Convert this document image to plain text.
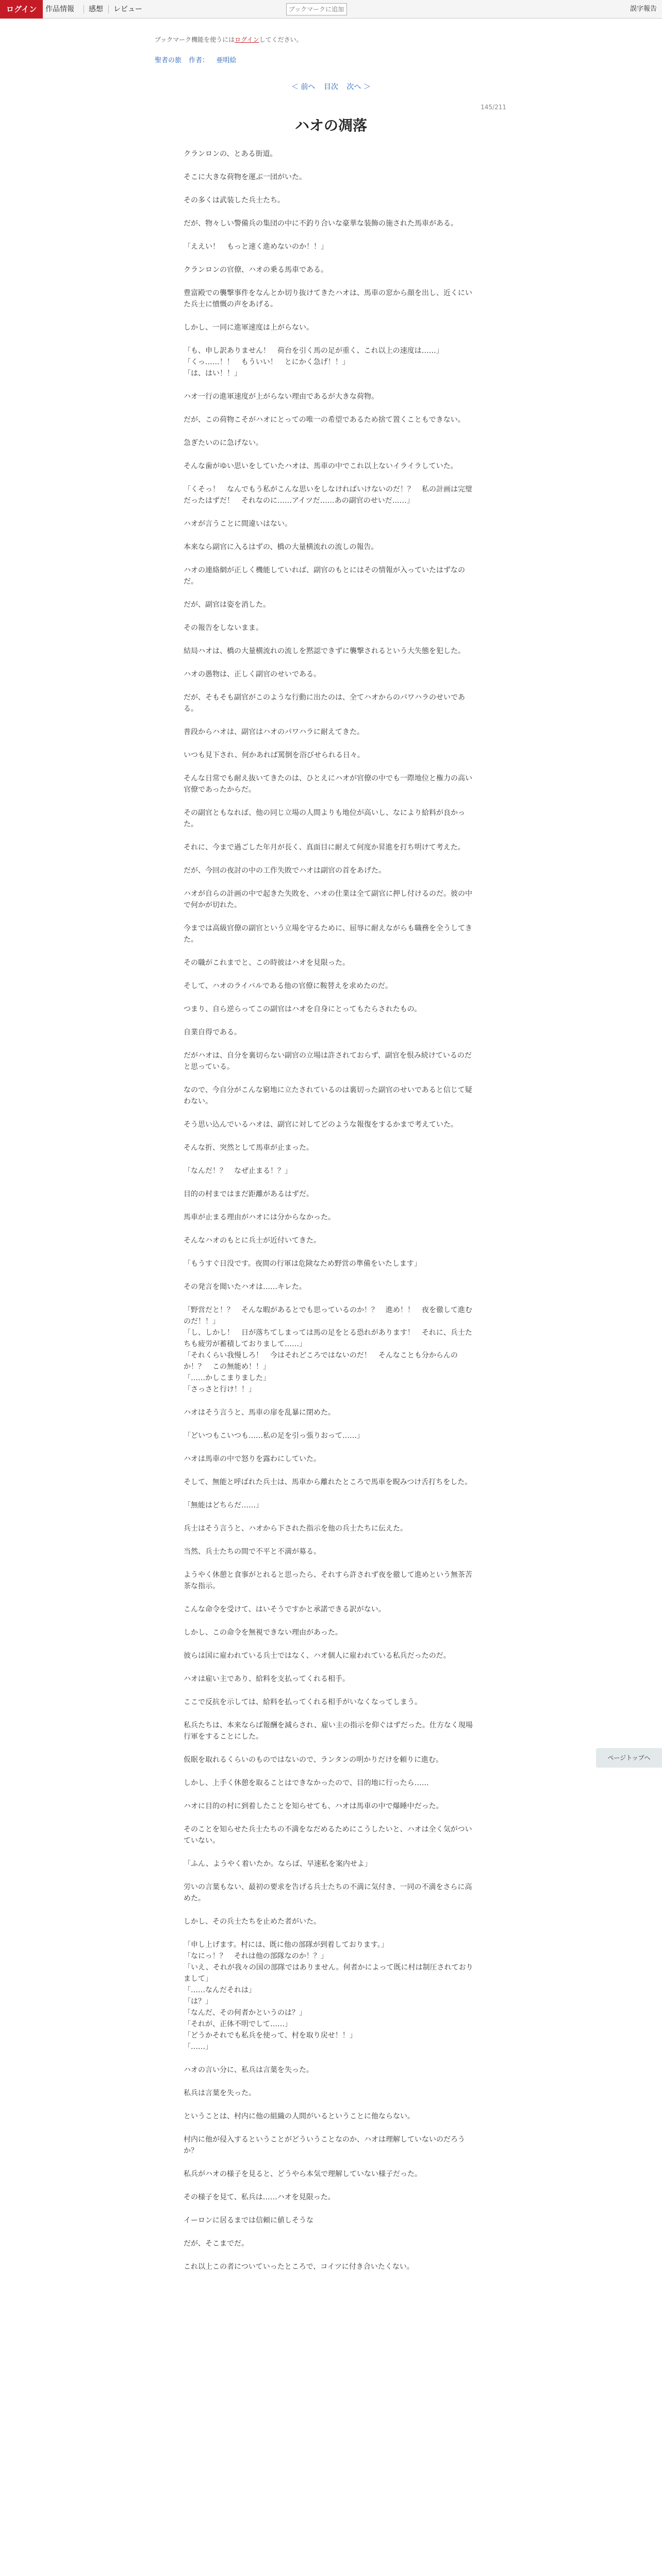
ログイン	作品情報 感想 レビュー
ブックマークに追加	誤字報告
ブックマーク機能を使うにはログインしてください。
聖者の旅 作者： 亜明絵
＜ 前へ 目次 次へ ＞
145/211
ハオの凋落

クランロンの、とある街道。

そこに大きな荷物を運ぶ一団がいた。

その多くは武装した兵士たち。

だが、物々しい警備兵の集団の中に不釣り合いな豪華な装飾の施された馬車がある。

「ええい！　もっと速く進めないのか！！」

クランロンの官僚、ハオの乗る馬車である。

豊富殿での襲撃事件をなんとか切り抜けてきたハオは、馬車の窓から顔を出し、近くにいた兵士に憤慨の声をあげる。

しかし、一同に進軍速度は上がらない。

「も、申し訳ありません！　荷台を引く馬の足が重く、これ以上の速度は……」
「くっ……！！　もういい！　とにかく急げ！！」
「は、はい！！」

ハオ一行の進軍速度が上がらない理由であるが大きな荷物。

だが、この荷物こそがハオにとっての唯一の希望であるため捨て置くこともできない。

急ぎたいのに急げない。

そんな歯がゆい思いをしていたハオは、馬車の中でこれ以上ないイライラしていた。

「くそっ！　なんでもう私がこんな思いをしなければいけないのだ！？　私の計画は完璧だったはずだ！　それなのに……アイツだ……あの副官のせいだ……」

ハオが言うことに間違いはない。

本来なら副官に入るはずの、橋の大量横流れの流しの報告。

ハオの連絡網が正しく機能していれば、副官のもとにはその情報が入っていたはずなのだ。

だが、副官は姿を消した。

その報告をしないまま。

結局ハオは、橋の大量横流れの流しを黙認できずに襲撃されるという大失態を犯した。

ハオの愚物は、正しく副官のせいである。

だが、そもそも副官がこのような行動に出たのは、全てハオからのパワハラのせいである。

普段からハオは、副官はハオのパワハラに耐えてきた。

いつも見下され、何かあれば罵倒を浴びせられる日々。

そんな日常でも耐え抜いてきたのは、ひとえにハオが官僚の中でも一際地位と権力の高い官僚であったからだ。

その副官ともなれば、他の同じ立場の人間よりも地位が高いし、なにより給料が良かった。

それに、今まで過ごした年月が長く、真面目に耐えて何度か昇進を打ち明けて考えた。

だが、今回の夜討の中の工作失敗でハオは副官の首をあげた。

ハオが自らの計画の中で起きた失敗を、ハオの仕業は全て副官に押し付けるのだ。彼の中で何かが切れた。

今までは高級官僚の副官という立場を守るために、屈辱に耐えながらも職務を全うしてきた。

その職がこれまでと、この時彼はハオを見限った。

そして、ハオのライバルである他の官僚に鞍替えを求めたのだ。

つまり、自ら逆らってこの副官はハオを自身にとってもたらされたもの。

自業自得である。

だがハオは、自分を裏切らない副官の立場は許されておらず、副官を恨み続けているのだと思っている。

なので、今自分がこんな窮地に立たされているのは裏切った副官のせいであると信じて疑わない。

そう思い込んでいるハオは、副官に対してどのような報復をするかまで考えていた。

そんな折、突然として馬車が止まった。

「なんだ！？　なぜ止まる！？」

目的の村まではまだ距離があるはずだ。

馬車が止まる理由がハオには分からなかった。

そんなハオのもとに兵士が近付いてきた。

「もうすぐ日没です。夜間の行軍は危険なため野営の準備をいたします」

その発言を聞いたハオは……キレた。

「野営だと！？　そんな暇があるとでも思っているのか！？　進め！！　夜を徹して進むのだ！！」
「し、しかし！　日が落ちてしまっては馬の足をとる恐れがあります！　それに、兵士たちも疲労が蓄積しておりまして……」
「それくらい我慢しろ！　今はそれどころではないのだ！　そんなことも分からんのか！？　この無能め！！」
「……かしこまりました」
「さっさと行け！！」

ハオはそう言うと、馬車の扉を乱暴に閉めた。

「どいつもこいつも……私の足を引っ張りおって……」

ハオは馬車の中で怒りを露わにしていた。

そして、無能と呼ばれた兵士は、馬車から離れたところで馬車を睨みつけ舌打ちをした。

「無能はどちらだ……」

兵士はそう言うと、ハオから下された指示を他の兵士たちに伝えた。

当然、兵士たちの間で不平と不満が募る。

ようやく休憩と食事がとれると思ったら、それすら許されず夜を徹して進めという無茶苦茶な指示。

こんな命令を受けて、はいそうですかと承諾できる訳がない。

しかし、この命令を無視できない理由があった。

彼らは国に雇われている兵士ではなく、ハオ個人に雇われている私兵だったのだ。

ハオは雇い主であり、給料を支払ってくれる相手。

ここで反抗を示しては、給料を払ってくれる相手がいなくなってしまう。

私兵たちは、本来ならば報酬を減らされ、雇い主の指示を仰ぐはずだった。仕方なく現場行軍をすることにした。

仮眠を取れるくらいのものではないので、ランタンの明かりだけを頼りに進む。

しかし、上手く休憩を取ることはできなかったので、目的地に行ったら……

ハオに目的の村に到着したことを知らせても、ハオは馬車の中で爆睡中だった。

そのことを知らせた兵士たちの不満をなだめるためにこうしたいと、ハオは全く気がついていない。

「ふん、ようやく着いたか。ならば、早速私を案内せよ」

労いの言葉もない、最初の要求を告げる兵士たちの不満に気付き、一同の不満をさらに高めた。

しかし、その兵士たちを止めた者がいた。

「申し上げます。村には、既に他の部隊が到着しております。」
「なにっ！？　それは他の部隊なのか！？」
「いえ、それが我々の国の部隊ではありません。何者かによって既に村は制圧されておりまして」
「……なんだそれは」
「は？」
「なんだ、その何者かというのは？」
「それが、正体不明でして……」
「どうかそれでも私兵を使って、村を取り戻せ！！」
「……」

ハオの言い分に、私兵は言葉を失った。

私兵は言葉を失った。

ということは、村内に他の組織の人間がいるということに他ならない。

村内に他が侵入するということがどういうことなのか、ハオは理解していないのだろうか？

私兵がハオの様子を見ると、どうやら本気で理解していない様子だった。

その様子を見て、私兵は……ハオを見限った。

イーロンに居るまでは信頼に値しそうな

だが、そこまでだ。

これ以上この者についていったところで、コイツに付き合いたくない。

ページトップへ
